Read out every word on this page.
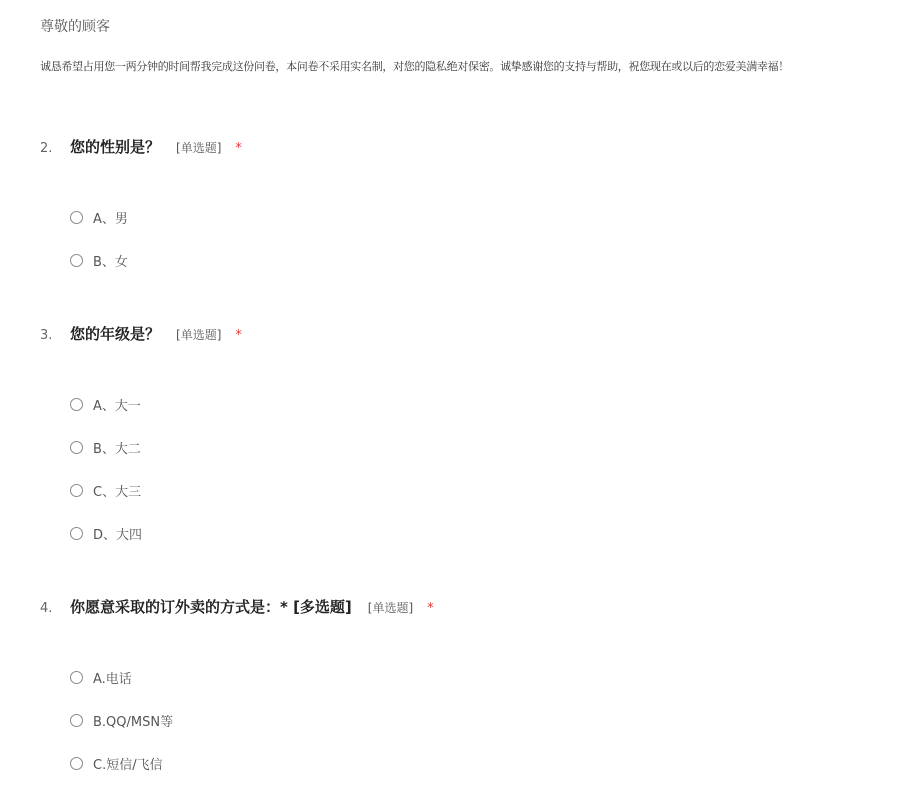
尊敬的顾客
诚恳希望占用您一两分钟的时间帮我完成这份问卷，本问卷不采用实名制，对您的隐私绝对保密。诚挚感谢您的支持与帮助，祝您现在或以后的恋爱美满幸福！
2.	您的性别是？ [单选题] *
A、男
B、女
3.	您的年级是？ [单选题] *
A、大一
B、大二
C、大三
D、大四
4.	你愿意采取的订外卖的方式是：* [多选题] [单选题] *
A.电话
B.QQ/MSN等
C.短信/飞信
